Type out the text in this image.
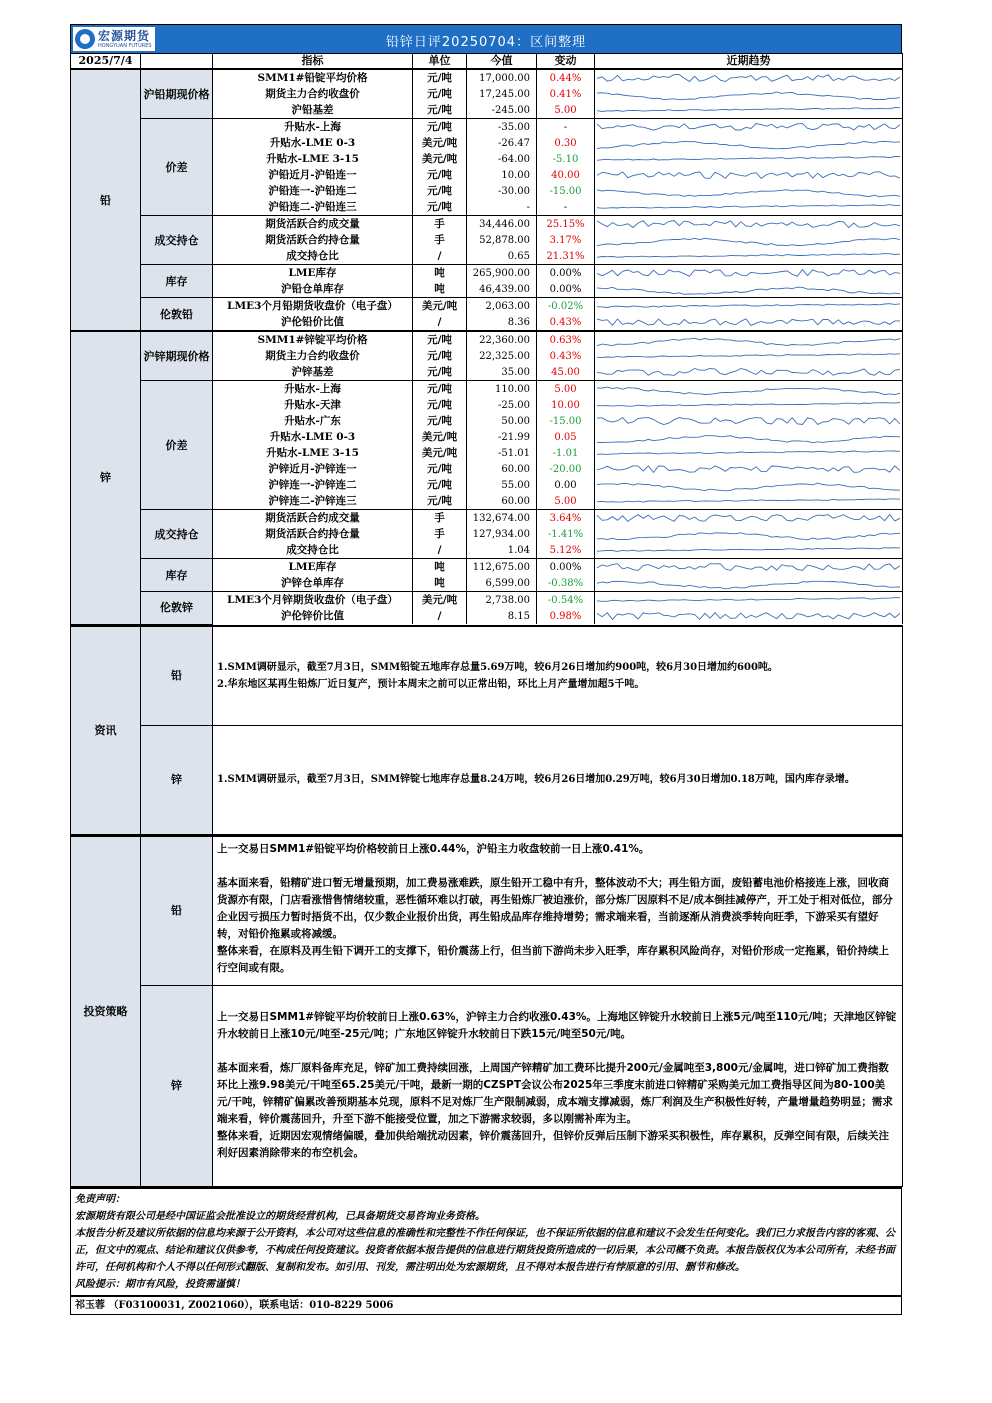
宏源期货
HONGYUAN FUTURES	铅锌日评20250704：区间整理
2025/7/4		指标	单位	今值	变动	近期趋势
铅	沪铅期现价格	SMM1#铅锭平均价格	元/吨	17,000.00	0.44%	

		期货主力合约收盘价	元/吨	17,245.00	0.41%	

		沪铅基差	元/吨	-245.00	5.00	

	价差	升贴水-上海	元/吨	-35.00	-	

		升贴水-LME 0-3	美元/吨	-26.47	0.30	

		升贴水-LME 3-15	美元/吨	-64.00	-5.10	

		沪铅近月-沪铅连一	元/吨	10.00	40.00	

		沪铅连一-沪铅连二	元/吨	-30.00	-15.00	

		沪铅连二-沪铅连三	元/吨	-	-	

	成交持仓	期货活跃合约成交量	手	34,446.00	25.15%	

		期货活跃合约持仓量	手	52,878.00	3.17%	

		成交持仓比	/	0.65	21.31%	

	库存	LME库存	吨	265,900.00	0.00%	

		沪铅仓单库存	吨	46,439.00	0.00%	

	伦敦铅	LME3个月铅期货收盘价（电子盘）	美元/吨	2,063.00	-0.02%	

		沪伦铅价比值	/	8.36	0.43%	

锌	沪锌期现价格	SMM1#锌锭平均价格	元/吨	22,360.00	0.63%	

		期货主力合约收盘价	元/吨	22,325.00	0.43%	

		沪锌基差	元/吨	35.00	45.00	

	价差	升贴水-上海	元/吨	110.00	5.00	

		升贴水-天津	元/吨	-25.00	10.00	

		升贴水-广东	元/吨	50.00	-15.00	

		升贴水-LME 0-3	美元/吨	-21.99	0.05	

		升贴水-LME 3-15	美元/吨	-51.01	-1.01	

		沪锌近月-沪锌连一	元/吨	60.00	-20.00	

		沪锌连一-沪锌连二	元/吨	55.00	0.00	

		沪锌连二-沪锌连三	元/吨	60.00	5.00	

	成交持仓	期货活跃合约成交量	手	132,674.00	3.64%	

		期货活跃合约持仓量	手	127,934.00	-1.41%	

		成交持仓比	/	1.04	5.12%	

	库存	LME库存	吨	112,675.00	0.00%	

		沪锌仓单库存	吨	6,599.00	-0.38%	

	伦敦锌	LME3个月锌期货收盘价（电子盘）	美元/吨	2,738.00	-0.54%	

		沪伦锌价比值	/	8.15	0.98%	
资讯	铅	1.SMM调研显示，截至7月3日，SMM铅锭五地库存总量5.69万吨，较6月26日增加约900吨，较6月30日增加约600吨。

2.华东地区某再生铅炼厂近日复产，预计本周末之前可以正常出铅，环比上月产量增加超5千吨。

	锌	1.SMM调研显示，截至7月3日，SMM锌锭七地库存总量8.24万吨，较6月26日增加0.29万吨，较6月30日增加0.18万吨，国内库存录增。

投资策略	铅	上一交易日SMM1#铅锭平均价格较前日上涨0.44%，沪铅主力收盘较前一日上涨0.41%。

基本面来看，铅精矿进口暂无增量预期，加工费易涨难跌，原生铅开工稳中有升，整体波动不大；再生铅方面，废铅蓄电池价格接连上涨，回收商货源亦有限，门店看涨惜售情绪较重，恶性循环难以打破，再生铅炼厂被迫涨价，部分炼厂因原料不足/成本倒挂减停产，开工处于相对低位，部分企业因亏损压力暂时捂货不出，仅少数企业报价出货，再生铅成品库存维持增势；需求端来看，当前逐渐从消费淡季转向旺季，下游采买有望好转，对铅价拖累或将减缓。

整体来看，在原料及再生铅下调开工的支撑下，铅价震荡上行，但当前下游尚未步入旺季，库存累积风险尚存，对铅价形成一定拖累，铅价持续上行空间或有限。

	锌	上一交易日SMM1#锌锭平均价较前日上涨0.63%，沪锌主力合约收涨0.43%。上海地区锌锭升水较前日上涨5元/吨至110元/吨；天津地区锌锭升水较前日上涨10元/吨至-25元/吨；广东地区锌锭升水较前日下跌15元/吨至50元/吨。

基本面来看，炼厂原料备库充足，锌矿加工费持续回涨，上周国产锌精矿加工费环比提升200元/金属吨至3,800元/金属吨，进口锌矿加工费指数环比上涨9.98美元/干吨至65.25美元/干吨，最新一期的CZSPT会议公布2025年三季度末前进口锌精矿采购美元加工费指导区间为80-100美元/干吨，锌精矿偏累改善预期基本兑现，原料不足对炼厂生产限制减弱，成本端支撑减弱，炼厂利润及生产积极性好转，产量增量趋势明显；需求端来看，锌价震荡回升，升至下游不能接受位置，加之下游需求较弱，多以刚需补库为主。

整体来看，近期因宏观情绪偏暖，叠加供给端扰动因素，锌价震荡回升，但锌价反弹后压制下游采买积极性，库存累积，反弹空间有限，后续关注利好因素消除带来的布空机会。

免责声明：

宏源期货有限公司是经中国证监会批准设立的期货经营机构，已具备期货交易咨询业务资格。

本报告分析及建议所依据的信息均来源于公开资料，本公司对这些信息的准确性和完整性不作任何保证，也不保证所依据的信息和建议不会发生任何变化。我们已力求报告内容的客观、公正，但文中的观点、结论和建议仅供参考，不构成任何投资建议。投资者依据本报告提供的信息进行期货投资所造成的一切后果，本公司概不负责。本报告版权仅为本公司所有，未经书面许可，任何机构和个人不得以任何形式翻版、复制和发布。如引用、刊发，需注明出处为宏源期货，且不得对本报告进行有悖原意的引用、删节和修改。

风险提示：期市有风险，投资需谨慎！

祁玉蓉 （F03100031, Z0021060），联系电话：010-8229 5006
